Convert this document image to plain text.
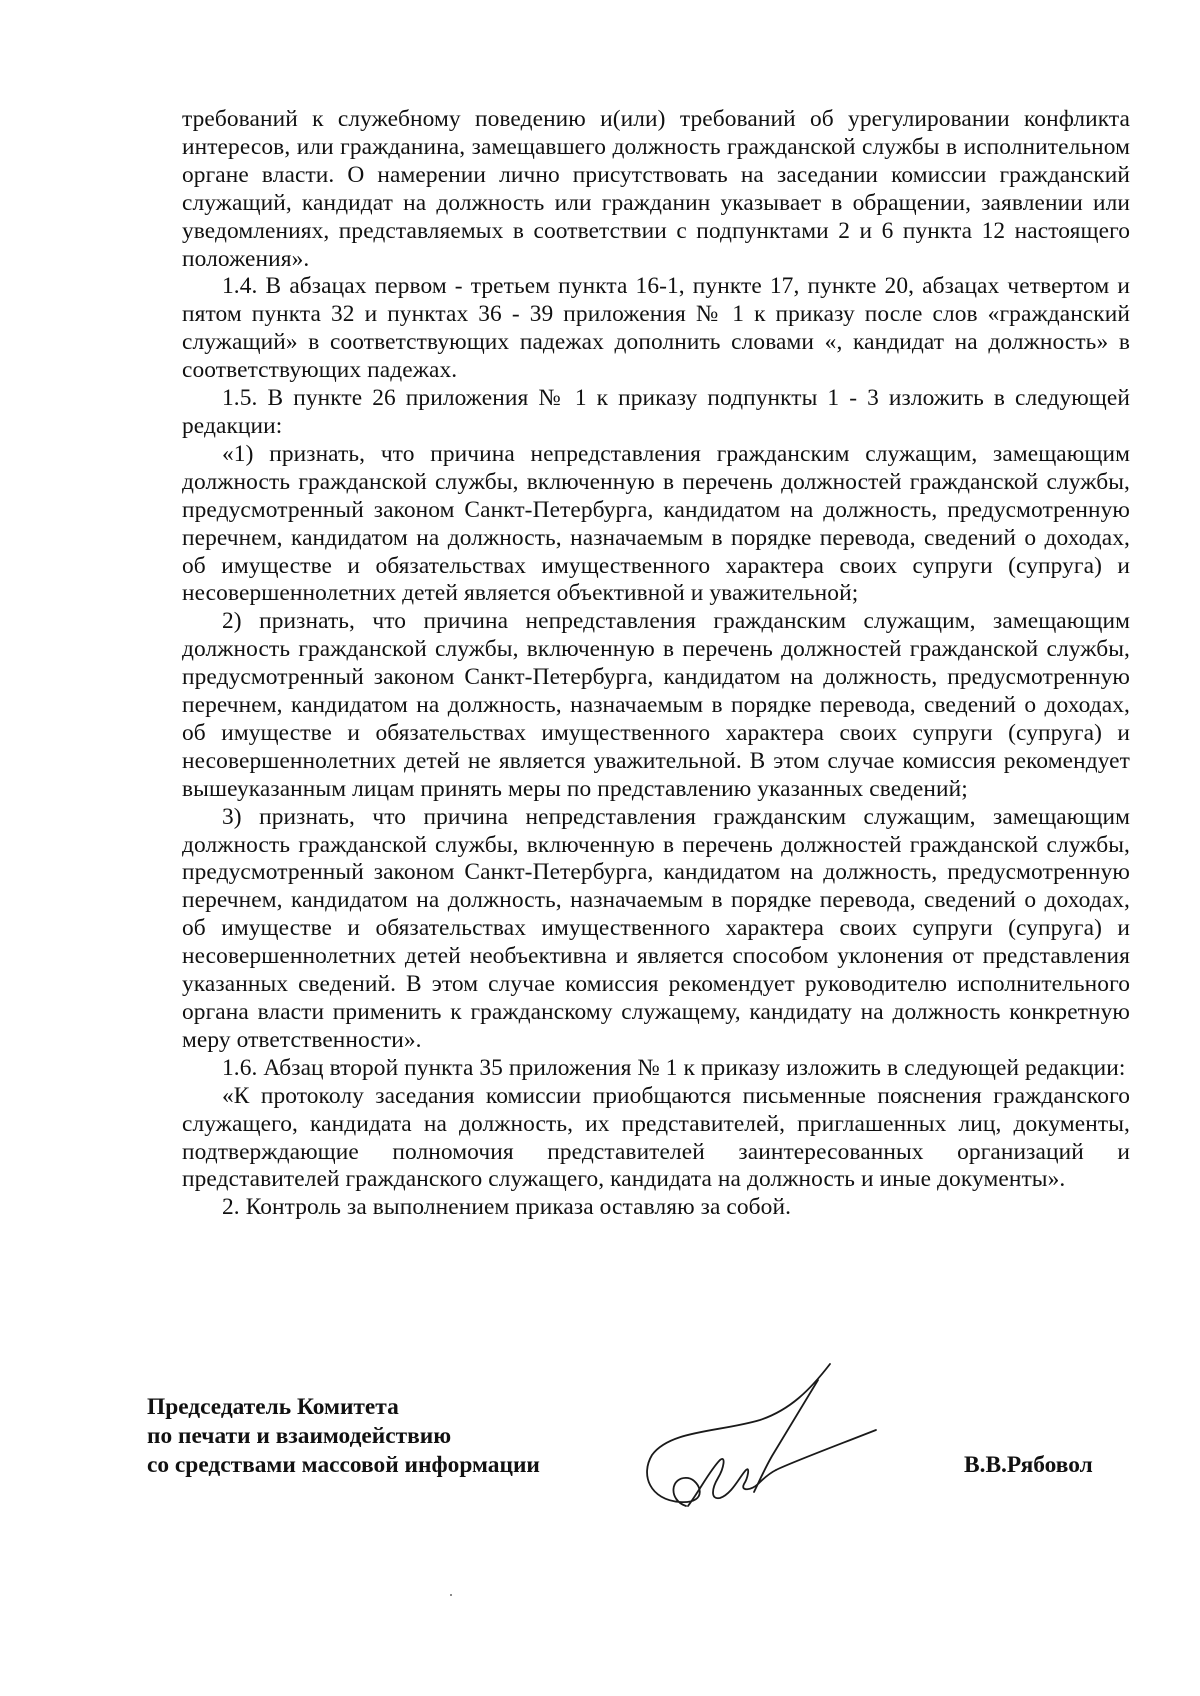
требований к служебному поведению и(или) требований об урегулировании конфликта интересов, или гражданина, замещавшего должность гражданской службы в исполнительном органе власти. О намерении лично присутствовать на заседании комиссии гражданский служащий, кандидат на должность или гражданин указывает в обращении, заявлении или уведомлениях, представляемых в соответствии с подпунктами 2 и 6 пункта 12 настоящего положения».

1.4. В абзацах первом - третьем пункта 16-1, пункте 17, пункте 20, абзацах четвертом и пятом пункта 32 и пунктах 36 - 39 приложения № 1 к приказу после слов «гражданский служащий» в соответствующих падежах дополнить словами «, кандидат на должность» в соответствующих падежах.

1.5. В пункте 26 приложения № 1 к приказу подпункты 1 - 3 изложить в следующей редакции:

«1) признать, что причина непредставления гражданским служащим, замещающим должность гражданской службы, включенную в перечень должностей гражданской службы, предусмотренный законом Санкт-Петербурга, кандидатом на должность, предусмотренную перечнем, кандидатом на должность, назначаемым в порядке перевода, сведений о доходах, об имуществе и обязательствах имущественного характера своих супруги (супруга) и несовершеннолетних детей является объективной и уважительной;

2) признать, что причина непредставления гражданским служащим, замещающим должность гражданской службы, включенную в перечень должностей гражданской службы, предусмотренный законом Санкт-Петербурга, кандидатом на должность, предусмотренную перечнем, кандидатом на должность, назначаемым в порядке перевода, сведений о доходах, об имуществе и обязательствах имущественного характера своих супруги (супруга) и несовершеннолетних детей не является уважительной. В этом случае комиссия рекомендует вышеуказанным лицам принять меры по представлению указанных сведений;

3) признать, что причина непредставления гражданским служащим, замещающим должность гражданской службы, включенную в перечень должностей гражданской службы, предусмотренный законом Санкт-Петербурга, кандидатом на должность, предусмотренную перечнем, кандидатом на должность, назначаемым в порядке перевода, сведений о доходах, об имуществе и обязательствах имущественного характера своих супруги (супруга) и несовершеннолетних детей необъективна и является способом уклонения от представления указанных сведений. В этом случае комиссия рекомендует руководителю исполнительного органа власти применить к гражданскому служащему, кандидату на должность конкретную меру ответственности».

1.6. Абзац второй пункта 35 приложения № 1 к приказу изложить в следующей редакции:

«К протоколу заседания комиссии приобщаются письменные пояснения гражданского служащего, кандидата на должность, их представителей, приглашенных лиц, документы, подтверждающие полномочия представителей заинтересованных организаций и представителей гражданского служащего, кандидата на должность и иные документы».

2. Контроль за выполнением приказа оставляю за собой.

Председатель Комитета
по печати и взаимодействию
со средствами массовой информации	В.В.Рябовол
